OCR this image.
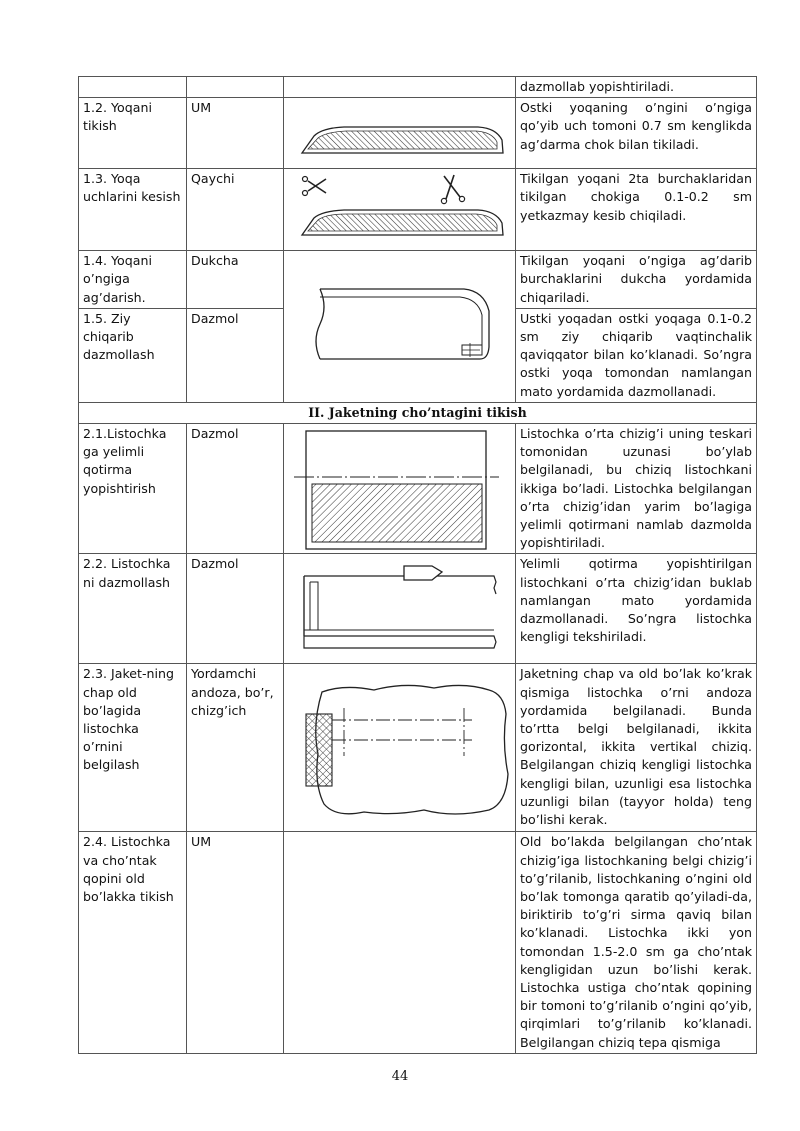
			dazmollab yopishtiriladi.
1.2. Yoqani tikish	UM		Ostki yoqaning o’ngini o’ngiga qo’yib uch tomoni 0.7 sm kenglikda ag’darma chok bilan tikiladi.
1.3. Yoqa uchlarini kesish	Qaychi		Tikilgan yoqani 2ta burchaklaridan tikilgan chokiga 0.1-0.2 sm yetkazmay kesib chiqiladi.
1.4. Yoqani o’ngiga ag’darish.	Dukcha		Tikilgan yoqani o’ngiga ag’darib burchaklarini dukcha yordamida chiqariladi.
1.5. Ziy chiqarib dazmollash	Dazmol		Ustki yoqadan ostki yoqaga 0.1-0.2 sm ziy chiqarib vaqtinchalik qaviqqator bilan ko’klanadi. So’ngra ostki yoqa tomondan namlangan mato yordamida dazmollanadi.
II. Jaketning cho’ntagini tikish			
2.1.Listochka ga yelimli qotirma yopishtirish	Dazmol		Listochka o’rta chizig’i uning teskari tomonidan uzunasi bo’ylab belgilanadi, bu chiziq listochkani ikkiga bo’ladi. Listochka belgilangan o’rta chizig’idan yarim bo’lagiga yelimli qotirmani namlab dazmolda yopishtiriladi.
2.2. Listochka ni dazmollash	Dazmol		Yelimli qotirma yopishtirilgan listochkani o’rta chizig’idan buklab namlangan mato yordamida dazmollanadi. So’ngra listochka kengligi tekshiriladi.
2.3. Jaket-ning chap old bo’lagida listochka o’rnini belgilash	Yordamchi andoza, bo’r, chizg’ich		Jaketning chap va old bo’lak ko’krak qismiga listochka o’rni andoza yordamida belgilanadi. Bunda to’rtta belgi belgilanadi, ikkita gorizontal, ikkita vertikal chiziq. Belgilangan chiziq kengligi listochka kengligi bilan, uzunligi esa listochka uzunligi bilan (tayyor holda) teng bo’lishi kerak.
2.4. Listochka va cho’ntak qopini old bo’lakka tikish	UM		Old bo’lakda belgilangan cho’ntak chizig’iga listochkaning belgi chizig’i to’g’rilanib, listochkaning o’ngini old bo’lak tomonga qaratib qo’yiladi-da, biriktirib to’g’ri sirma qaviq bilan ko’klanadi. Listochka ikki yon tomondan 1.5-2.0 sm ga cho’ntak kengligidan uzun bo’lishi kerak. Listochka ustiga cho’ntak qopining bir tomoni to’g’rilanib o’ngini qo’yib, qirqimlari to’g’rilanib ko’klanadi. Belgilangan chiziq tepa qismiga
44
